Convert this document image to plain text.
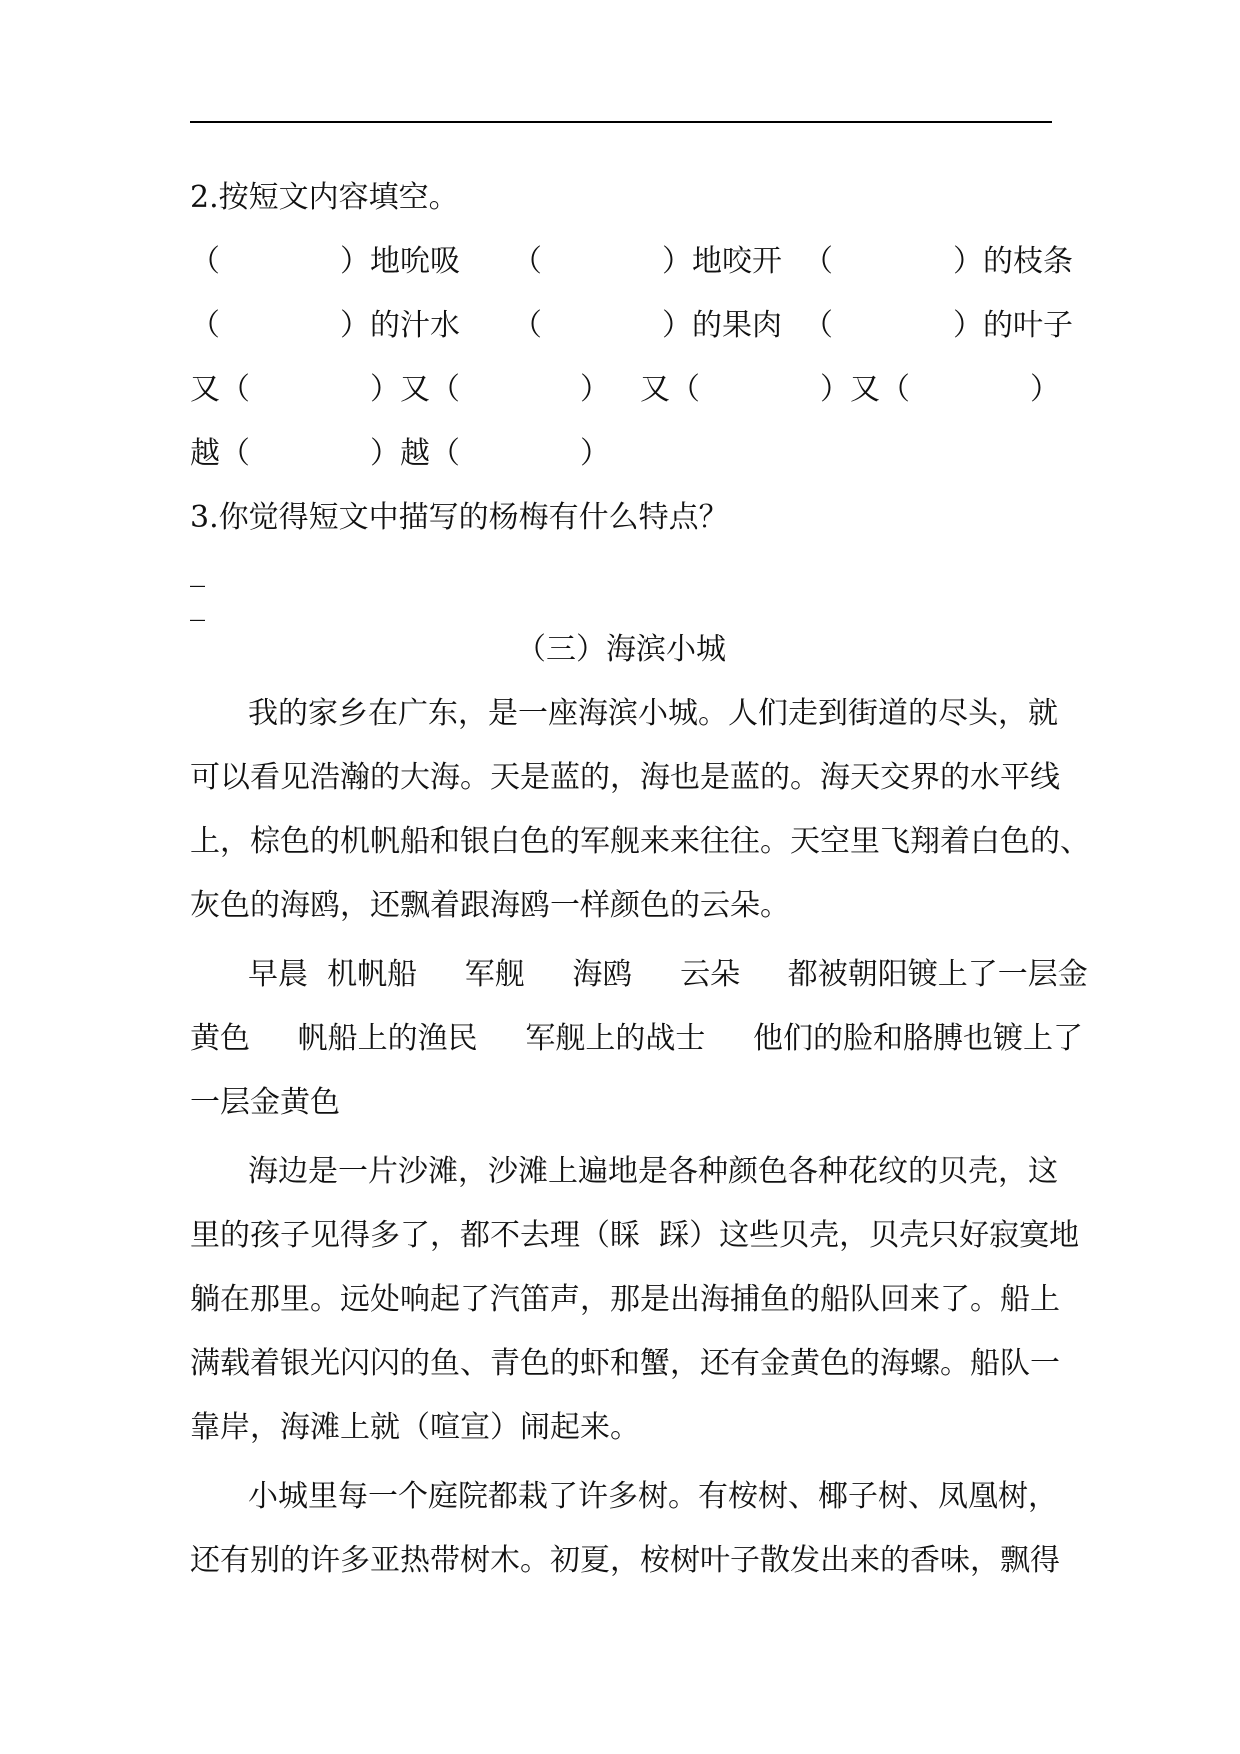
2.按短文内容填空。

（　　　　）地吮吸 （　　　　）地咬开 （　　　　）的枝条
（　　　　）的汁水 （　　　　）的果肉 （　　　　）的叶子
又（　　　　）又（　　　　） 又（　　　　）又（　　　　）
越（　　　　）越（　　　　）

3.你觉得短文中描写的杨梅有什么特点？

_
_
（三）海滨小城

我的家乡在广东，是一座海滨小城。人们走到街道的尽头，就

可以看见浩瀚的大海。天是蓝的，海也是蓝的。海天交界的水平线

上，棕色的机帆船和银白色的军舰来来往往。天空里飞翔着白色的、

灰色的海鸥，还飘着跟海鸥一样颜色的云朵。

早晨  机帆船     军舰     海鸥     云朵     都被朝阳镀上了一层金

黄色     帆船上的渔民     军舰上的战士     他们的脸和胳膊也镀上了

一层金黄色

海边是一片沙滩，沙滩上遍地是各种颜色各种花纹的贝壳，这

里的孩子见得多了，都不去理（睬  踩）这些贝壳，贝壳只好寂寞地

躺在那里。远处响起了汽笛声，那是出海捕鱼的船队回来了。船上

满载着银光闪闪的鱼、青色的虾和蟹，还有金黄色的海螺。船队一

靠岸，海滩上就（喧宣）闹起来。

小城里每一个庭院都栽了许多树。有桉树、椰子树、凤凰树，

还有别的许多亚热带树木。初夏，桉树叶子散发出来的香味，飘得
